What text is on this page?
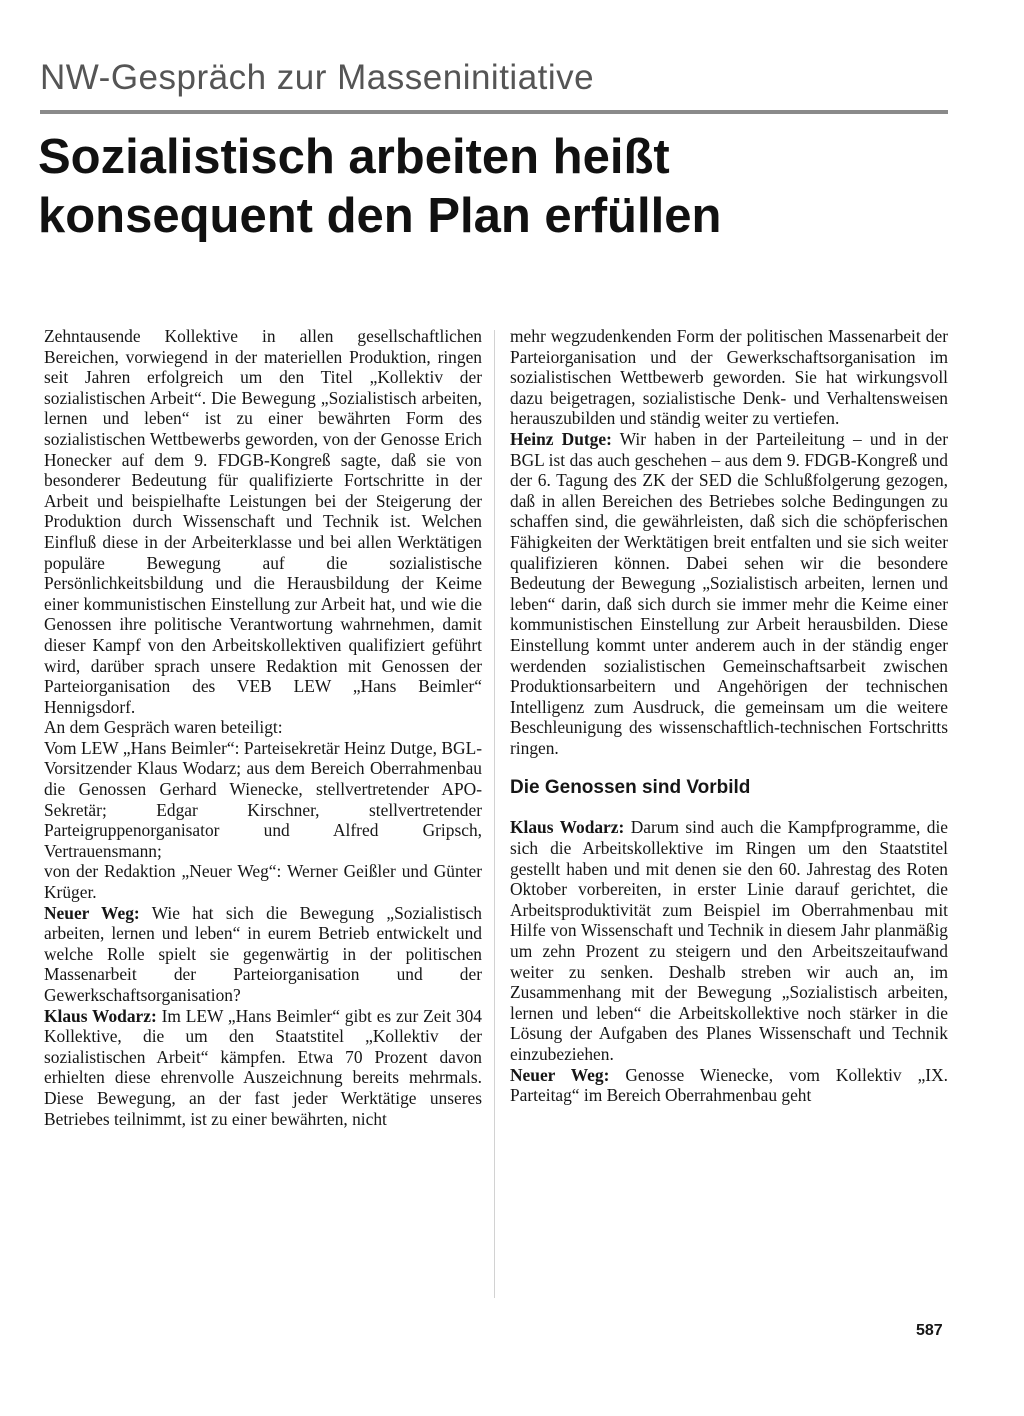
NW-Gespräch zur Masseninitiative
Sozialistisch arbeiten heißt
konsequent den Plan erfüllen

Zehntausende Kollektive in allen gesellschaftlichen Bereichen, vorwiegend in der materiellen Produktion, ringen seit Jahren erfolgreich um den Titel „Kollektiv der sozialistischen Arbeit“. Die Bewegung „Sozialistisch arbeiten, lernen und leben“ ist zu einer bewährten Form des sozialistischen Wettbewerbs geworden, von der Genosse Erich Honecker auf dem 9. FDGB-Kongreß sagte, daß sie von besonderer Bedeutung für qualifizierte Fortschritte in der Arbeit und beispielhafte Leistungen bei der Steigerung der Produktion durch Wissenschaft und Technik ist. Welchen Einfluß diese in der Arbeiterklasse und bei allen Werktätigen populäre Bewegung auf die sozialistische Persönlichkeitsbildung und die Herausbildung der Keime einer kommunistischen Einstellung zur Arbeit hat, und wie die Genossen ihre politische Verantwortung wahrnehmen, damit dieser Kampf von den Arbeitskollektiven qualifiziert geführt wird, darüber sprach unsere Redaktion mit Genossen der Parteiorganisation des VEB LEW „Hans Beimler“ Hennigsdorf.

An dem Gespräch waren beteiligt:

Vom LEW „Hans Beimler“: Parteisekretär Heinz Dutge, BGL-Vorsitzender Klaus Wodarz; aus dem Bereich Oberrahmenbau die Genossen Gerhard Wienecke, stellvertretender APO-Sekretär; Edgar Kirschner, stellvertretender Parteigruppenorganisator und Alfred Gripsch, Vertrauensmann;

von der Redaktion „Neuer Weg“: Werner Geißler und Günter Krüger.

Neuer Weg: Wie hat sich die Bewegung „Sozialistisch arbeiten, lernen und leben“ in eurem Betrieb entwickelt und welche Rolle spielt sie gegenwärtig in der politischen Massenarbeit der Parteiorganisation und der Gewerkschaftsorganisation?

Klaus Wodarz: Im LEW „Hans Beimler“ gibt es zur Zeit 304 Kollektive, die um den Staatstitel „Kollektiv der sozialistischen Arbeit“ kämpfen. Etwa 70 Prozent davon erhielten diese ehrenvolle Auszeichnung bereits mehrmals. Diese Bewegung, an der fast jeder Werktätige unseres Betriebes teilnimmt, ist zu einer bewährten, nicht

mehr wegzudenkenden Form der politischen Massenarbeit der Parteiorganisation und der Gewerkschaftsorganisation im sozialistischen Wettbewerb geworden. Sie hat wirkungsvoll dazu beigetragen, sozialistische Denk- und Verhaltensweisen herauszubilden und ständig weiter zu vertiefen.

Heinz Dutge: Wir haben in der Parteileitung – und in der BGL ist das auch geschehen – aus dem 9. FDGB-Kongreß und der 6. Tagung des ZK der SED die Schlußfolgerung gezogen, daß in allen Bereichen des Betriebes solche Bedingungen zu schaffen sind, die gewährleisten, daß sich die schöpferischen Fähigkeiten der Werktätigen breit entfalten und sie sich weiter qualifizieren können. Dabei sehen wir die besondere Bedeutung der Bewegung „Sozialistisch arbeiten, lernen und leben“ darin, daß sich durch sie immer mehr die Keime einer kommunistischen Einstellung zur Arbeit herausbilden. Diese Einstellung kommt unter anderem auch in der ständig enger werdenden sozialistischen Gemeinschaftsarbeit zwischen Produktionsarbeitern und Angehörigen der technischen Intelligenz zum Ausdruck, die gemeinsam um die weitere Beschleunigung des wissenschaftlich-technischen Fortschritts ringen.

Die Genossen sind Vorbild

Klaus Wodarz: Darum sind auch die Kampfprogramme, die sich die Arbeitskollektive im Ringen um den Staatstitel gestellt haben und mit denen sie den 60. Jahrestag des Roten Oktober vorbereiten, in erster Linie darauf gerichtet, die Arbeitsproduktivität zum Beispiel im Oberrahmenbau mit Hilfe von Wissenschaft und Technik in diesem Jahr planmäßig um zehn Prozent zu steigern und den Arbeitszeitaufwand weiter zu senken. Deshalb streben wir auch an, im Zusammenhang mit der Bewegung „Sozialistisch arbeiten, lernen und leben“ die Arbeitskollektive noch stärker in die Lösung der Aufgaben des Planes Wissenschaft und Technik einzubeziehen.

Neuer Weg: Genosse Wienecke, vom Kollektiv „IX. Parteitag“ im Bereich Oberrahmenbau geht

587
